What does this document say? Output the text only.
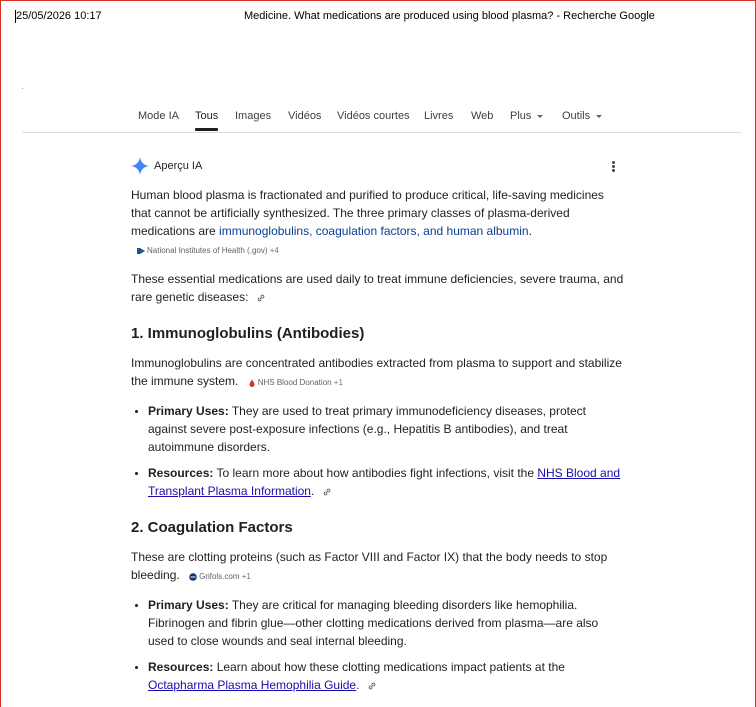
25/05/2026 10:17	Medicine. What medications are produced using blood plasma? - Recherche Google
Mode IA Tous Images Vidéos Vidéos courtes Livres Web Plus	Outils
Aperçu IA

Human blood plasma is fractionated and purified to produce critical, life-saving medicines that cannot be artificially synthesized. The three primary classes of plasma-derived medications are immunoglobulins, coagulation factors, and human albumin. National Institutes of Health (.gov) +4

These essential medications are used daily to treat immune deficiencies, severe trauma, and rare genetic diseases:

1. Immunoglobulins (Antibodies)

Immunoglobulins are concentrated antibodies extracted from plasma to support and stabilize the immune system. NHS Blood Donation +1

• Primary Uses: They are used to treat primary immunodeficiency diseases, protect against severe post-exposure infections (e.g., Hepatitis B antibodies), and treat autoimmune disorders.
• Resources: To learn more about how antibodies fight infections, visit the NHS Blood and Transplant Plasma Information.
2. Coagulation Factors

These are clotting proteins (such as Factor VIII and Factor IX) that the body needs to stop bleeding. Grifols.com +1

• Primary Uses: They are critical for managing bleeding disorders like hemophilia. Fibrinogen and fibrin glue—other clotting medications derived from plasma—are also used to close wounds and seal internal bleeding.
• Resources: Learn about how these clotting medications impact patients at the Octapharma Plasma Hemophilia Guide.
